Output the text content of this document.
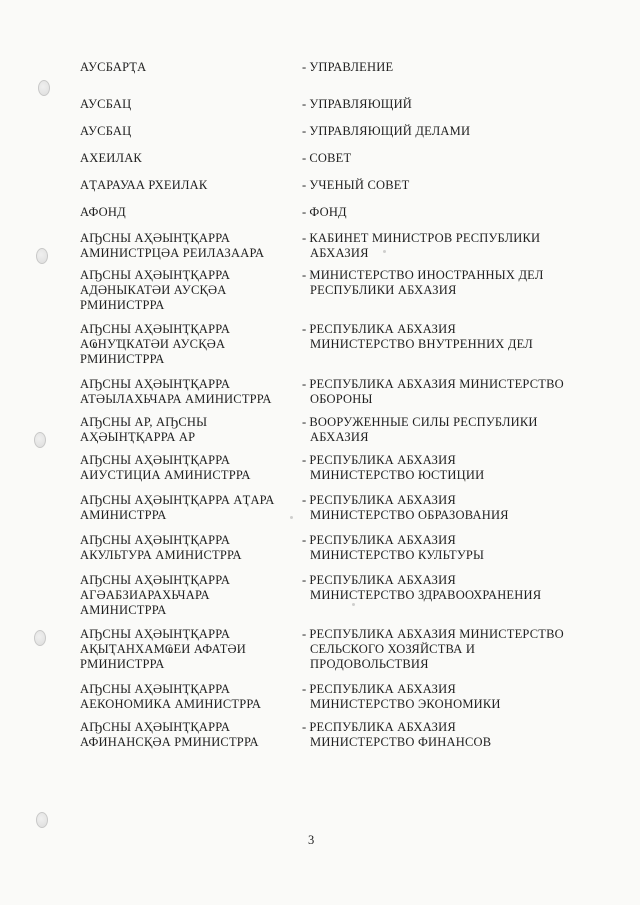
АУСБАРҬА	- УПРАВЛЕНИЕ
АУСБАЦ	- УПРАВЛЯЮЩИЙ
АУСБАЦ	- УПРАВЛЯЮЩИЙ ДЕЛАМИ
АХЕИЛАК	- СОВЕТ
АҬАРАУАА РХЕИЛАК	- УЧЕНЫЙ СОВЕТ
АФОНД	- ФОНД
АҦСНЫ АҲӘЫНҬҚАРРА
АМИНИСТРЦӘА РЕИЛАЗААРА
- КАБИНЕТ МИНИСТРОВ РЕСПУБЛИКИ
АБХАЗИЯ
АҦСНЫ АҲӘЫНҬҚАРРА
АДӘНЫКАТӘИ АУСҚӘА
РМИНИСТРРА
- МИНИСТЕРСТВО ИНОСТРАННЫХ ДЕЛ
РЕСПУБЛИКИ АБХАЗИЯ
АҦСНЫ АҲӘЫНҬҚАРРА
АҨНУҴКАТӘИ АУСҚӘА
РМИНИСТРРА
- РЕСПУБЛИКА АБХАЗИЯ
МИНИСТЕРСТВО ВНУТРЕННИХ ДЕЛ
АҦСНЫ АҲӘЫНҬҚАРРА
АТӘЫЛАХЬЧАРА АМИНИСТРРА
- РЕСПУБЛИКА АБХАЗИЯ МИНИСТЕРСТВО
ОБОРОНЫ
АҦСНЫ АР, АҦСНЫ
АҲӘЫНҬҚАРРА АР
- ВООРУЖЕННЫЕ СИЛЫ РЕСПУБЛИКИ
АБХАЗИЯ
АҦСНЫ АҲӘЫНҬҚАРРА
АИУСТИЦИА АМИНИСТРРА
- РЕСПУБЛИКА АБХАЗИЯ
МИНИСТЕРСТВО ЮСТИЦИИ
АҦСНЫ АҲӘЫНҬҚАРРА АҬАРА
АМИНИСТРРА
- РЕСПУБЛИКА АБХАЗИЯ
МИНИСТЕРСТВО ОБРАЗОВАНИЯ
АҦСНЫ АҲӘЫНҬҚАРРА
АКУЛЬТУРА АМИНИСТРРА
- РЕСПУБЛИКА АБХАЗИЯ
МИНИСТЕРСТВО КУЛЬТУРЫ
АҦСНЫ АҲӘЫНҬҚАРРА
АГӘАБЗИАРАХЬЧАРА
АМИНИСТРРА
- РЕСПУБЛИКА АБХАЗИЯ
МИНИСТЕРСТВО ЗДРАВООХРАНЕНИЯ
АҦСНЫ АҲӘЫНҬҚАРРА
АҚЫҬАНХАМҨЕИ АФАТӘИ
РМИНИСТРРА
- РЕСПУБЛИКА АБХАЗИЯ МИНИСТЕРСТВО
СЕЛЬСКОГО ХОЗЯЙСТВА И
ПРОДОВОЛЬСТВИЯ
АҦСНЫ АҲӘЫНҬҚАРРА
АЕКОНОМИКА АМИНИСТРРА
- РЕСПУБЛИКА АБХАЗИЯ
МИНИСТЕРСТВО ЭКОНОМИКИ
АҦСНЫ АҲӘЫНҬҚАРРА
АФИНАНСҚӘА РМИНИСТРРА
- РЕСПУБЛИКА АБХАЗИЯ
МИНИСТЕРСТВО ФИНАНСОВ
3
